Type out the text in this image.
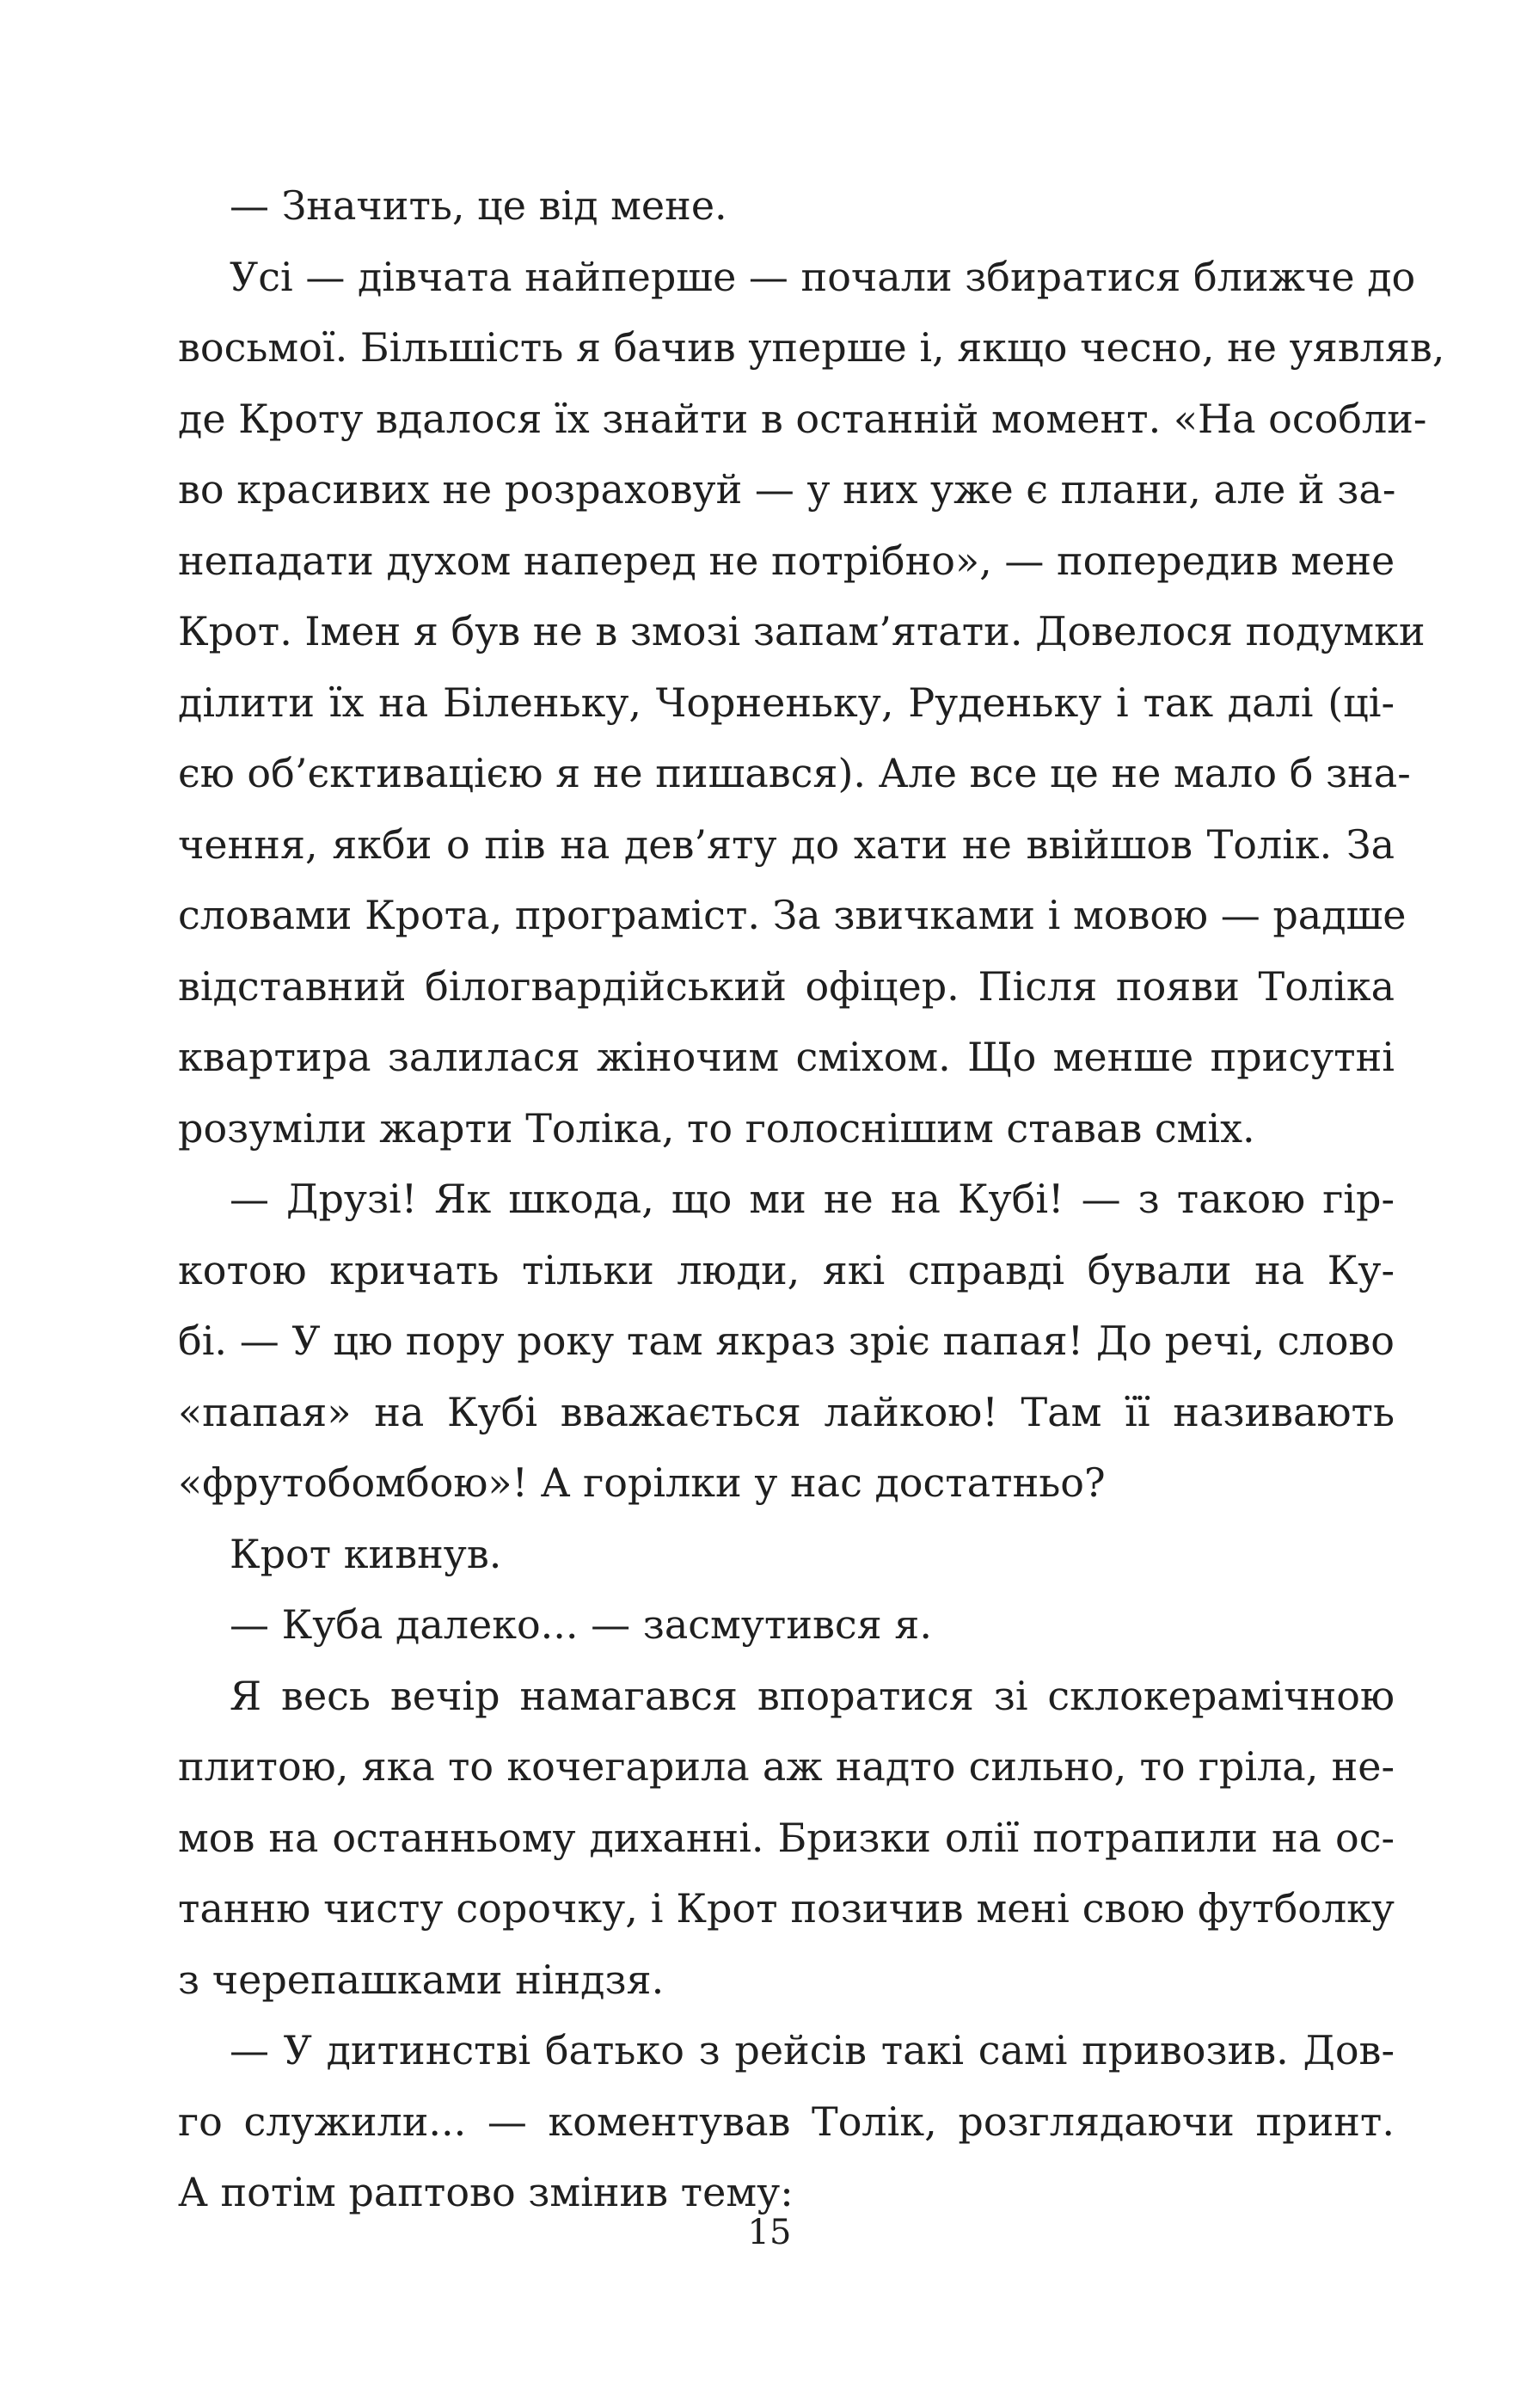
— Значить, це від мене.
Усі — дівчата найперше — почали збиратися ближче до
восьмої. Більшість я бачив уперше і, якщо чесно, не уявляв,
де Кроту вдалося їх знайти в останній момент. «На особли-
во красивих не розраховуй — у них уже є плани, але й за-
непадати духом наперед не потрібно», — попередив мене
Крот. Імен я був не в змозі запам’ятати. Довелося подумки
ділити їх на Біленьку, Чорненьку, Руденьку і так далі (ці-
єю об’єктивацією я не пишався). Але все це не мало б зна-
чення, якби о пів на дев’яту до хати не ввійшов Толік. За
словами Крота, програміст. За звичками і мовою — радше
відставний білогвардійський офіцер. Після появи Толіка
квартира залилася жіночим сміхом. Що менше присутні
розуміли жарти Толіка, то голоснішим ставав сміх.
— Друзі! Як шкода, що ми не на Кубі! — з такою гір-
котою кричать тільки люди, які справді бували на Ку-
бі. — У цю пору року там якраз зріє папая! До речі, слово
«папая» на Кубі вважається лайкою! Там її називають
«фрутобомбою»! А горілки у нас достатньо?
Крот кивнув.
— Куба далеко... — засмутився я.
Я весь вечір намагався впоратися зі склокерамічною
плитою, яка то кочегарила аж надто сильно, то гріла, не-
мов на останньому диханні. Бризки олії потрапили на ос-
танню чисту сорочку, і Крот позичив мені свою футболку
з черепашками ніндзя.
— У дитинстві батько з рейсів такі самі привозив. Дов-
го служили... — коментував Толік, розглядаючи принт.
А потім раптово змінив тему:
15
